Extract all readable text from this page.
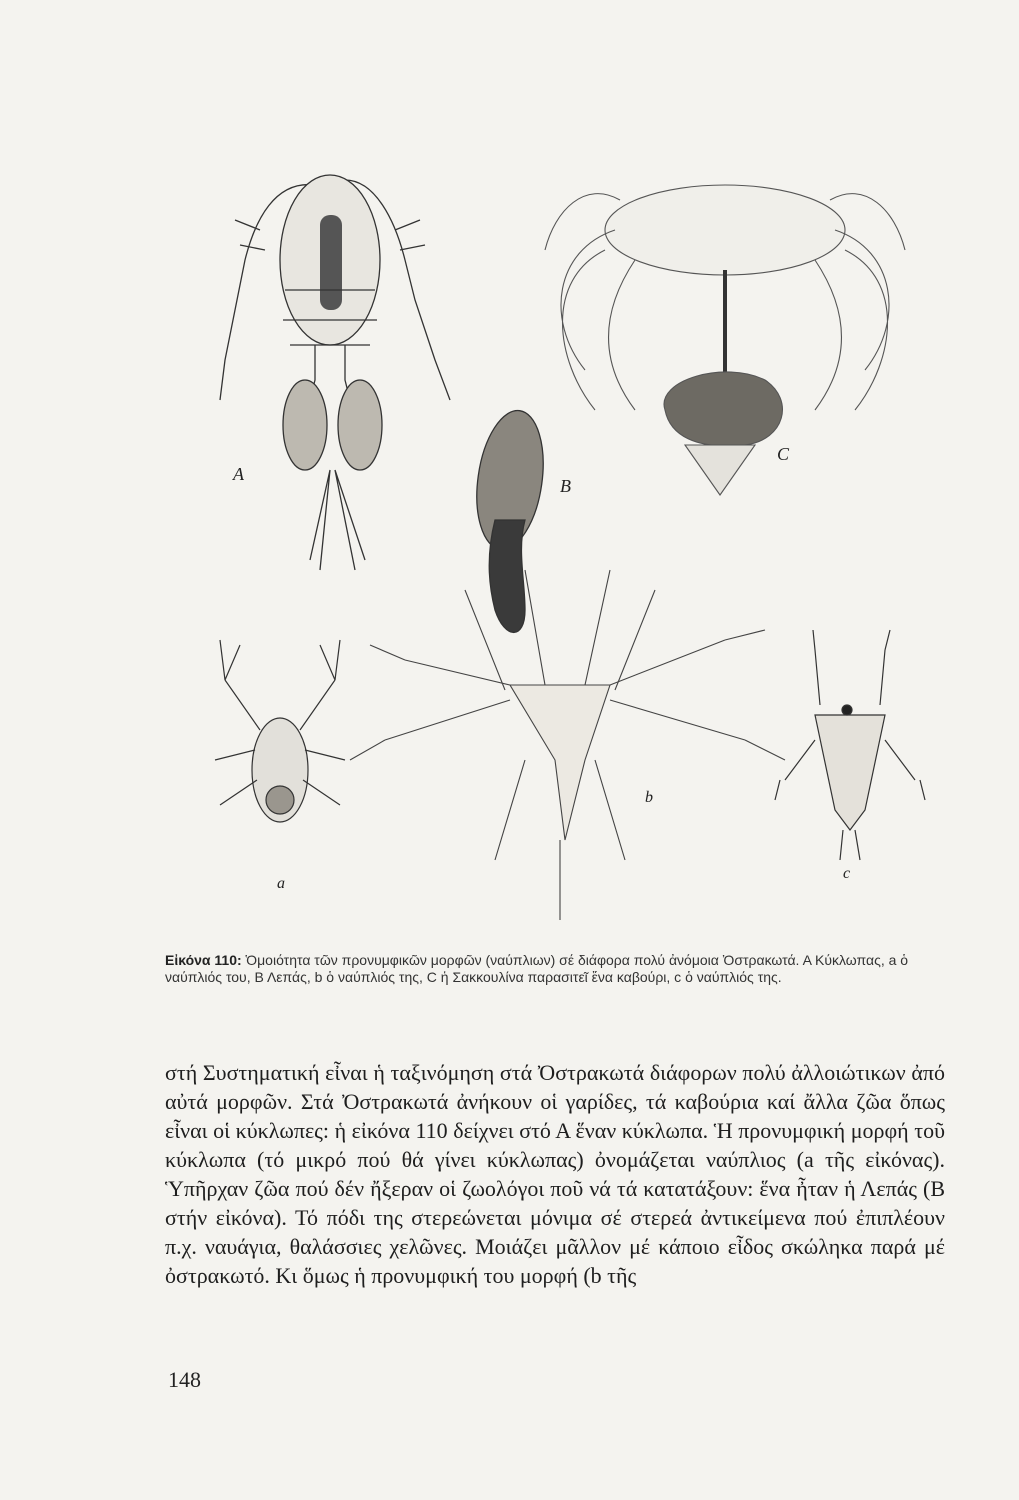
A
B
C
a
b
c
Εἰκόνα 110: Ὁμοιότητα τῶν προνυμφικῶν μορφῶν (ναύπλιων) σέ διάφορα πολύ ἀνόμοια Ὀστρακωτά. Α Κύκλωπας, a ὁ ναύπλιός του, Β Λεπάς, b ὁ ναύπλιός της, C ἡ Σακκουλίνα παρασιτεῖ ἕνα καβούρι, c ὁ ναύπλιός της.

στή Συστηματική εἶναι ἡ ταξινόμηση στά Ὀστρακωτά διάφορων πολύ ἀλλοιώτικων ἀπό αὐτά μορφῶν. Στά Ὀστρακωτά ἀνήκουν οἱ γαρίδες, τά καβούρια καί ἄλλα ζῶα ὅπως εἶναι οἱ κύκλωπες: ἡ εἰκόνα 110 δείχνει στό Α ἕναν κύκλωπα. Ἡ προνυμφική μορφή τοῦ κύκλωπα (τό μικρό πού θά γίνει κύκλωπας) ὀνομάζεται ναύπλιος (a τῆς εἰκόνας). Ὑπῆρχαν ζῶα πού δέν ἤξεραν οἱ ζωολόγοι ποῦ νά τά κατατάξουν: ἕνα ἦταν ἡ Λεπάς (Β στήν εἰκόνα). Τό πόδι της στερεώνεται μόνιμα σέ στερεά ἀντικείμενα πού ἐπιπλέουν π.χ. ναυάγια, θαλάσσιες χελῶνες. Μοιάζει μᾶλλον μέ κάποιο εἶδος σκώληκα παρά μέ ὀστρακωτό. Κι ὅμως ἡ προνυμφική του μορφή (b τῆς

148
